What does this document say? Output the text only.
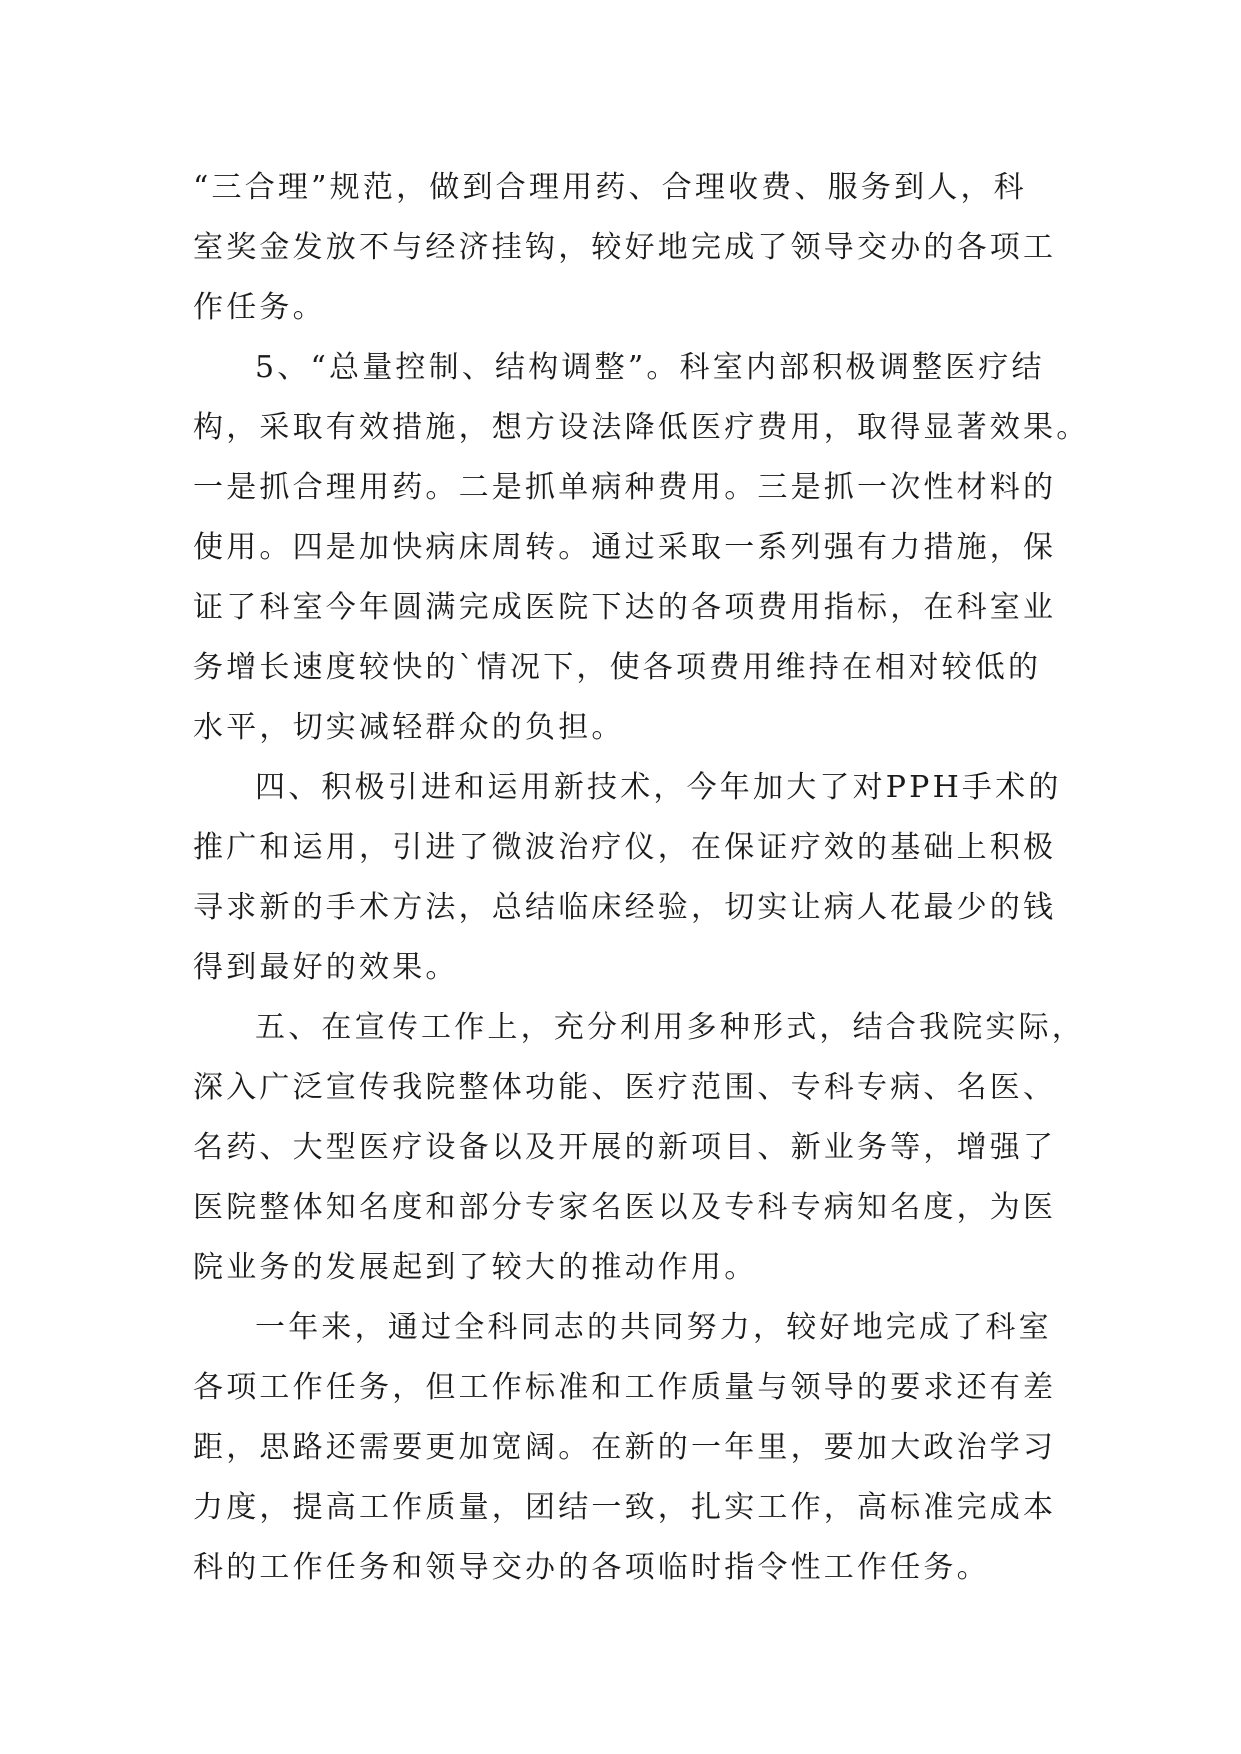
“三合理”规范，做到合理用药、合理收费、服务到人，科
室奖金发放不与经济挂钩，较好地完成了领导交办的各项工
作任务。
5、“总量控制、结构调整”。科室内部积极调整医疗结
构，采取有效措施，想方设法降低医疗费用，取得显著效果。
一是抓合理用药。二是抓单病种费用。三是抓一次性材料的
使用。四是加快病床周转。通过采取一系列强有力措施，保
证了科室今年圆满完成医院下达的各项费用指标，在科室业
务增长速度较快的`情况下，使各项费用维持在相对较低的
水平，切实减轻群众的负担。
四、积极引进和运用新技术，今年加大了对PPH手术的
推广和运用，引进了微波治疗仪，在保证疗效的基础上积极
寻求新的手术方法，总结临床经验，切实让病人花最少的钱
得到最好的效果。
五、在宣传工作上，充分利用多种形式，结合我院实际，
深入广泛宣传我院整体功能、医疗范围、专科专病、名医、
名药、大型医疗设备以及开展的新项目、新业务等，增强了
医院整体知名度和部分专家名医以及专科专病知名度，为医
院业务的发展起到了较大的推动作用。
一年来，通过全科同志的共同努力，较好地完成了科室
各项工作任务，但工作标准和工作质量与领导的要求还有差
距，思路还需要更加宽阔。在新的一年里，要加大政治学习
力度，提高工作质量，团结一致，扎实工作，高标准完成本
科的工作任务和领导交办的各项临时指令性工作任务。
